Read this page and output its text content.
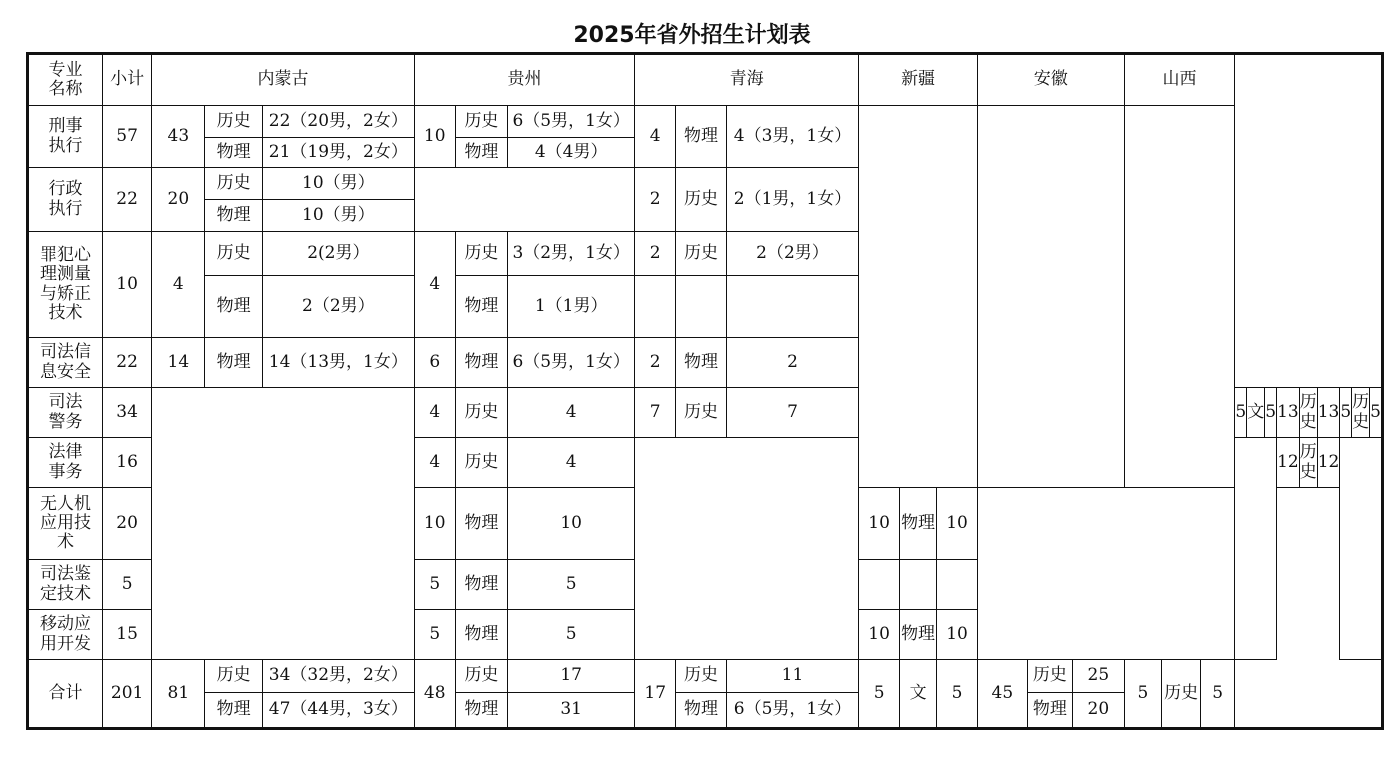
2025年省外招生计划表
专业
名称	小计	内蒙古			贵州			青海			新疆			安徽			山西											
刑事
执行	57	43	历史	22（20男，2女）	10	历史	6（5男，1女）	4	物理	4（3男，1女）																		
			物理	21（19男，2女）		物理	4（4男）																					
行政
执行	22	20	历史	10（男）				2	历史	2（1男，1女）																		
			物理	10（男）																								
罪犯心
理测量
与矫正
技术	10	4	历史	2(2男）	4	历史	3（2男，1女）	2	历史	2（2男）																		
			物理	2（2男）		物理	1（1男）																					
司法信
息安全	22	14	物理	14（13男，1女）	6	物理	6（5男，1女）	2	物理	2																		
司法
警务	34				4	历史	4	7	历史	7										5	文	5	13	历史	13	5	历史	5
法律
事务	16				4	历史	4																12	历史	12			
无人机
应用技
术	20				10	物理	10				10	物理	10															
司法鉴
定技术	5				5	物理	5																					
移动应
用开发	15				5	物理	5				10	物理	10															
合计	201	81	历史	34（32男，2女）	48	历史	17	17	历史	11	5	文	5	45	历史	25	5	历史	5									
			物理	47（44男，3女）		物理	31		物理	6（5男，1女）					物理	20												
